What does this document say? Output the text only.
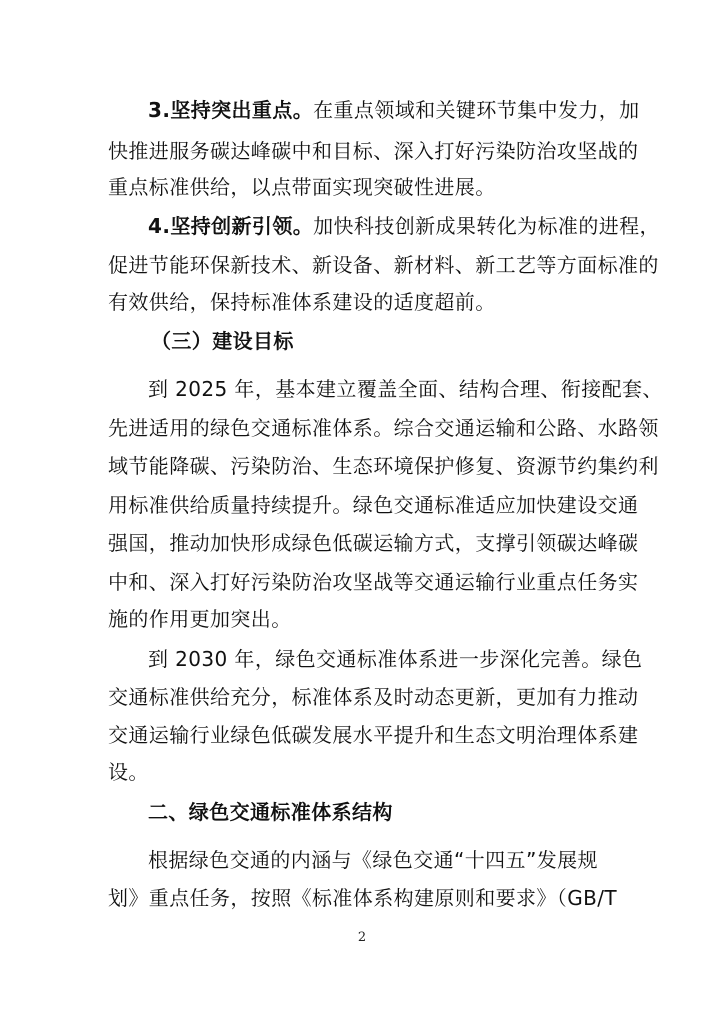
3.坚持突出重点。在重点领域和关键环节集中发力，加
快推进服务碳达峰碳中和目标、深入打好污染防治攻坚战的
重点标准供给，以点带面实现突破性进展。
4.坚持创新引领。加快科技创新成果转化为标准的进程，
促进节能环保新技术、新设备、新材料、新工艺等方面标准的
有效供给，保持标准体系建设的适度超前。
（三）建设目标
到 2025 年，基本建立覆盖全面、结构合理、衔接配套、
先进适用的绿色交通标准体系。综合交通运输和公路、水路领
域节能降碳、污染防治、生态环境保护修复、资源节约集约利
用标准供给质量持续提升。绿色交通标准适应加快建设交通
强国，推动加快形成绿色低碳运输方式，支撑引领碳达峰碳
中和、深入打好污染防治攻坚战等交通运输行业重点任务实
施的作用更加突出。
到 2030 年，绿色交通标准体系进一步深化完善。绿色
交通标准供给充分，标准体系及时动态更新，更加有力推动
交通运输行业绿色低碳发展水平提升和生态文明治理体系建
设。
二、绿色交通标准体系结构
根据绿色交通的内涵与《绿色交通“十四五”发展规
划》重点任务，按照《标准体系构建原则和要求》（GB/T
2
